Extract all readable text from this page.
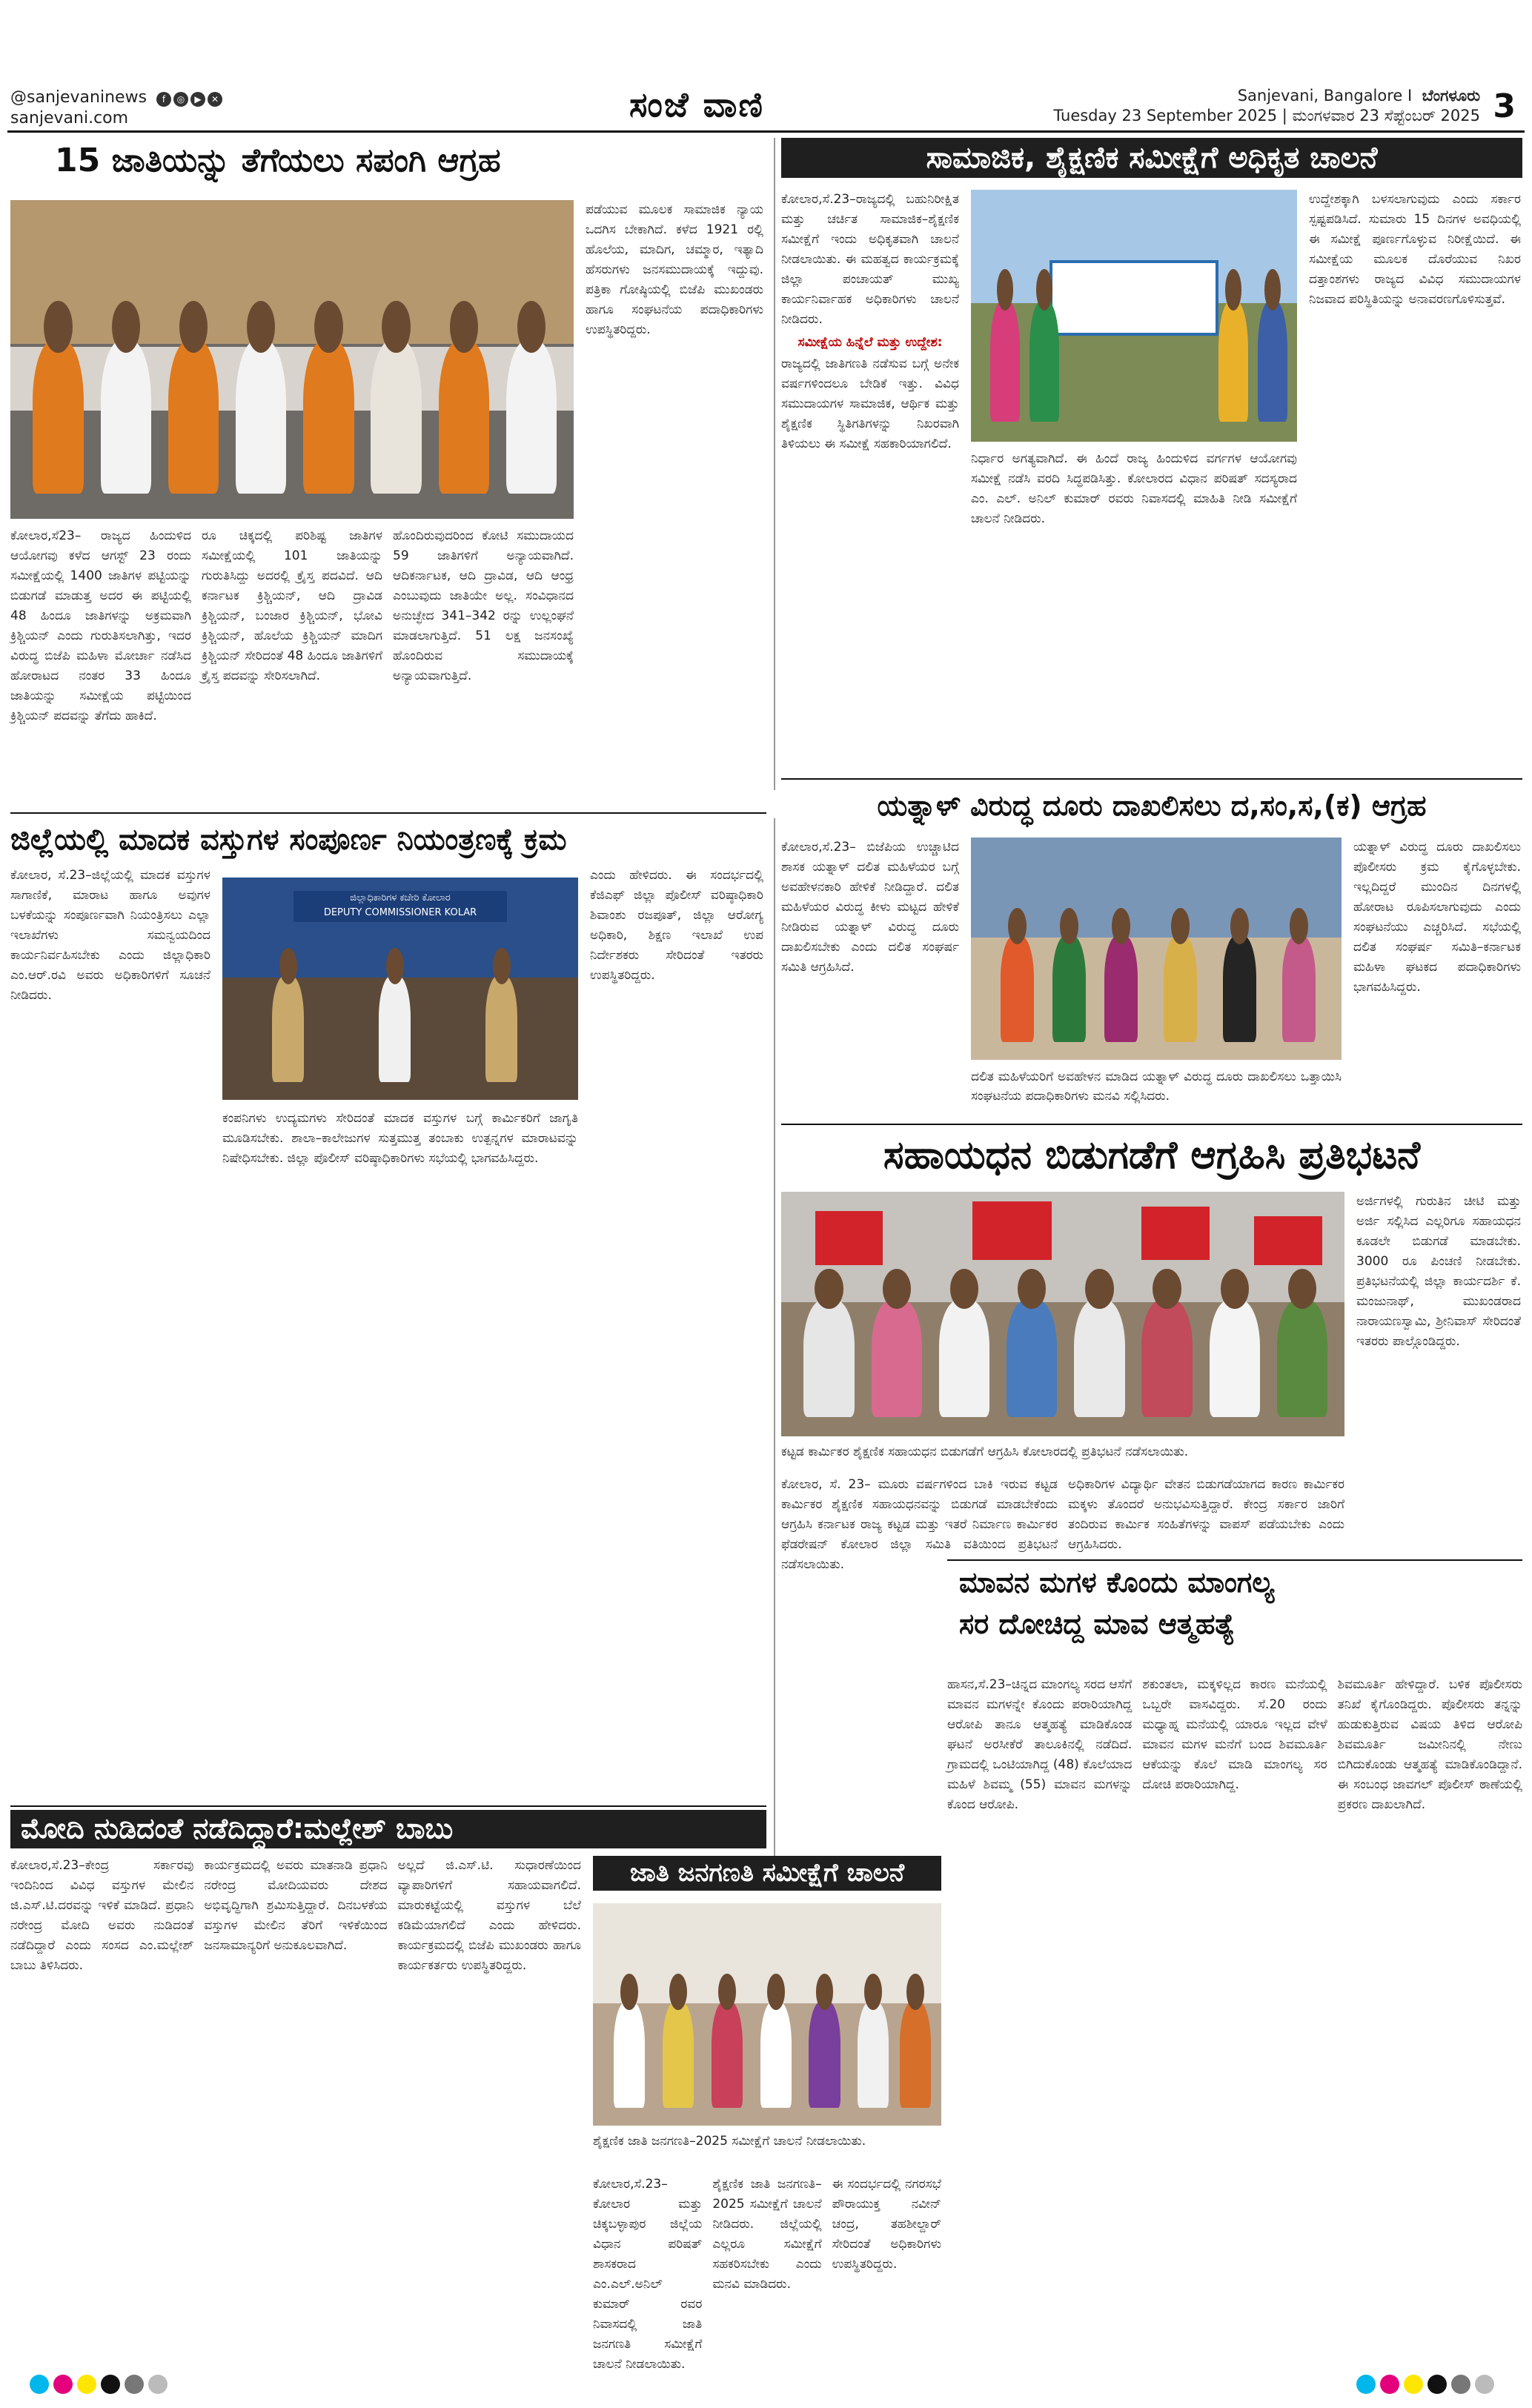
@sanjevaninews f ◎ ▶ ✕
sanjevani.com	ಸಂಜೆ ವಾಣಿ	Sanjevani, Bangalore I ಬೆಂಗಳೂರು
Tuesday 23 September 2025 | ಮಂಗಳವಾರ 23 ಸೆಪ್ಟೆಂಬರ್ 2025 3
15 ಜಾತಿಯನ್ನು ತೆಗೆಯಲು ಸಪಂಗಿ ಆಗ್ರಹ
ಕೋಲಾರ,ಸೆ23– ರಾಜ್ಯದ ಹಿಂದುಳಿದ ಆಯೋಗವು ಕಳೆದ ಆಗಸ್ಟ್ 23 ರಂದು ಸಮೀಕ್ಷೆಯಲ್ಲಿ 1400 ಜಾತಿಗಳ ಪಟ್ಟಿಯನ್ನು ಬಿಡುಗಡೆ ಮಾಡುತ್ತ ಅದರ ಈ ಪಟ್ಟಿಯಲ್ಲಿ 48 ಹಿಂದೂ ಜಾತಿಗಳನ್ನು ಅಕ್ರಮವಾಗಿ ಕ್ರಿಶ್ಚಿಯನ್ ಎಂದು ಗುರುತಿಸಲಾಗಿತ್ತು, ಇದರ ವಿರುದ್ಧ ಬಿಜೆಪಿ ಮಹಿಳಾ ಮೋರ್ಚಾ ನಡೆಸಿದ ಹೋರಾಟದ ನಂತರ 33 ಹಿಂದೂ ಜಾತಿಯನ್ನು ಸಮೀಕ್ಷೆಯ ಪಟ್ಟಿಯಿಂದ ಕ್ರಿಶ್ಚಿಯನ್ ಪದವನ್ನು ತೆಗೆದು ಹಾಕಿದೆ.
ರೂ ಚಿಕ್ಕದಲ್ಲಿ ಪರಿಶಿಷ್ಟ ಜಾತಿಗಳ ಸಮೀಕ್ಷೆಯಲ್ಲಿ 101 ಜಾತಿಯನ್ನು ಗುರುತಿಸಿದ್ದು ಅದರಲ್ಲಿ ಕ್ರೈಸ್ತ ಪದವಿದೆ. ಆದಿ ಕರ್ನಾಟಕ ಕ್ರಿಶ್ಚಿಯನ್, ಆದಿ ದ್ರಾವಿಡ ಕ್ರಿಶ್ಚಿಯನ್, ಬಂಜಾರ ಕ್ರಿಶ್ಚಿಯನ್, ಭೋವಿ ಕ್ರಿಶ್ಚಿಯನ್, ಹೊಲೆಯ ಕ್ರಿಶ್ಚಿಯನ್ ಮಾದಿಗ ಕ್ರಿಶ್ಚಿಯನ್ ಸೇರಿದಂತೆ 48 ಹಿಂದೂ ಜಾತಿಗಳಿಗೆ ಕ್ರೈಸ್ತ ಪದವನ್ನು ಸೇರಿಸಲಾಗಿದೆ.
ಹೊಂದಿರುವುದರಿಂದ ಕೋಟಿ ಸಮುದಾಯದ 59 ಜಾತಿಗಳಿಗೆ ಅನ್ಯಾಯವಾಗಿದೆ. ಆದಿಕರ್ನಾಟಕ, ಆದಿ ದ್ರಾವಿಡ, ಆದಿ ಆಂಧ್ರ ಎಂಬುವುದು ಜಾತಿಯೇ ಅಲ್ಲ. ಸಂವಿಧಾನದ ಅನುಚ್ಛೇದ 341–342 ರನ್ನು ಉಲ್ಲಂಘನೆ ಮಾಡಲಾಗುತ್ತಿದೆ. 51 ಲಕ್ಷ ಜನಸಂಖ್ಯೆ ಹೊಂದಿರುವ ಸಮುದಾಯಕ್ಕೆ ಅನ್ಯಾಯವಾಗುತ್ತಿದೆ.
ಪಡೆಯುವ ಮೂಲಕ ಸಾಮಾಜಿಕ ನ್ಯಾಯ ಒದಗಿಸ ಬೇಕಾಗಿದೆ. ಕಳೆದ 1921 ರಲ್ಲಿ ಹೊಲೆಯ, ಮಾದಿಗ, ಚಮ್ಮಾರ, ಇತ್ಯಾದಿ ಹೆಸರುಗಳು ಜನಸಮುದಾಯಕ್ಕೆ ಇದ್ದುವು. ಪತ್ರಿಕಾ ಗೋಷ್ಠಿಯಲ್ಲಿ ಬಿಜೆಪಿ ಮುಖಂಡರು ಹಾಗೂ ಸಂಘಟನೆಯ ಪದಾಧಿಕಾರಿಗಳು ಉಪಸ್ಥಿತರಿದ್ದರು.
ಸಾಮಾಜಿಕ, ಶೈಕ್ಷಣಿಕ ಸಮೀಕ್ಷೆಗೆ ಅಧಿಕೃತ ಚಾಲನೆ

ಕೋಲಾರ,ಸೆ.23–ರಾಜ್ಯದಲ್ಲಿ ಬಹುನಿರೀಕ್ಷಿತ ಮತ್ತು ಚರ್ಚಿತ ಸಾಮಾಜಿಕ–ಶೈಕ್ಷಣಿಕ ಸಮೀಕ್ಷೆಗೆ ಇಂದು ಅಧಿಕೃತವಾಗಿ ಚಾಲನೆ ನೀಡಲಾಯಿತು. ಈ ಮಹತ್ವದ ಕಾರ್ಯಕ್ರಮಕ್ಕೆ ಜಿಲ್ಲಾ ಪಂಚಾಯತ್ ಮುಖ್ಯ ಕಾರ್ಯನಿರ್ವಾಹಕ ಅಧಿಕಾರಿಗಳು ಚಾಲನೆ ನೀಡಿದರು.

ಸಮೀಕ್ಷೆಯ ಹಿನ್ನೆಲೆ ಮತ್ತು ಉದ್ದೇಶ:

ರಾಜ್ಯದಲ್ಲಿ ಜಾತಿಗಣತಿ ನಡೆಸುವ ಬಗ್ಗೆ ಅನೇಕ ವರ್ಷಗಳಿಂದಲೂ ಬೇಡಿಕೆ ಇತ್ತು. ವಿವಿಧ ಸಮುದಾಯಗಳ ಸಾಮಾಜಿಕ, ಆರ್ಥಿಕ ಮತ್ತು ಶೈಕ್ಷಣಿಕ ಸ್ಥಿತಿಗತಿಗಳನ್ನು ನಿಖರವಾಗಿ ತಿಳಿಯಲು ಈ ಸಮೀಕ್ಷೆ ಸಹಕಾರಿಯಾಗಲಿದೆ.

ನಿರ್ಧಾರ ಅಗತ್ಯವಾಗಿದೆ. ಈ ಹಿಂದೆ ರಾಜ್ಯ ಹಿಂದುಳಿದ ವರ್ಗಗಳ ಆಯೋಗವು ಸಮೀಕ್ಷೆ ನಡೆಸಿ ವರದಿ ಸಿದ್ಧಪಡಿಸಿತ್ತು. ಕೋಲಾರದ ವಿಧಾನ ಪರಿಷತ್ ಸದಸ್ಯರಾದ ಎಂ. ಎಲ್. ಅನಿಲ್ ಕುಮಾರ್ ರವರು ನಿವಾಸದಲ್ಲಿ ಮಾಹಿತಿ ನೀಡಿ ಸಮೀಕ್ಷೆಗೆ ಚಾಲನೆ ನೀಡಿದರು.
ಉದ್ದೇಶಕ್ಕಾಗಿ ಬಳಸಲಾಗುವುದು ಎಂದು ಸರ್ಕಾರ ಸ್ಪಷ್ಟಪಡಿಸಿದೆ. ಸುಮಾರು 15 ದಿನಗಳ ಅವಧಿಯಲ್ಲಿ ಈ ಸಮೀಕ್ಷೆ ಪೂರ್ಣಗೊಳ್ಳುವ ನಿರೀಕ್ಷೆಯಿದೆ. ಈ ಸಮೀಕ್ಷೆಯ ಮೂಲಕ ದೊರೆಯುವ ನಿಖರ ದತ್ತಾಂಶಗಳು ರಾಜ್ಯದ ವಿವಿಧ ಸಮುದಾಯಗಳ ನಿಜವಾದ ಪರಿಸ್ಥಿತಿಯನ್ನು ಅನಾವರಣಗೊಳಿಸುತ್ತವೆ.
ಯತ್ನಾಳ್ ವಿರುದ್ಧ ದೂರು ದಾಖಲಿಸಲು ದ,ಸಂ,ಸ,(ಕ) ಆಗ್ರಹ
ಕೋಲಾರ,ಸೆ.23– ಬಿಜೆಪಿಯ ಉಚ್ಚಾಟಿದ ಶಾಸಕ ಯತ್ನಾಳ್ ದಲಿತ ಮಹಿಳೆಯರ ಬಗ್ಗೆ ಅವಹೇಳನಕಾರಿ ಹೇಳಿಕೆ ನೀಡಿದ್ದಾರೆ. ದಲಿತ ಮಹಿಳೆಯರ ವಿರುದ್ಧ ಕೀಳು ಮಟ್ಟದ ಹೇಳಿಕೆ ನೀಡಿರುವ ಯತ್ನಾಳ್ ವಿರುದ್ಧ ದೂರು ದಾಖಲಿಸಬೇಕು ಎಂದು ದಲಿತ ಸಂಘರ್ಷ ಸಮಿತಿ ಆಗ್ರಹಿಸಿದೆ.
ದಲಿತ ಮಹಿಳೆಯರಿಗೆ ಅವಹೇಳನ ಮಾಡಿದ ಯತ್ನಾಳ್ ವಿರುದ್ಧ ದೂರು ದಾಖಲಿಸಲು ಒತ್ತಾಯಿಸಿ ಸಂಘಟನೆಯ ಪದಾಧಿಕಾರಿಗಳು ಮನವಿ ಸಲ್ಲಿಸಿದರು.
ಯತ್ನಾಳ್ ವಿರುದ್ಧ ದೂರು ದಾಖಲಿಸಲು ಪೊಲೀಸರು ಕ್ರಮ ಕೈಗೊಳ್ಳಬೇಕು. ಇಲ್ಲದಿದ್ದರೆ ಮುಂದಿನ ದಿನಗಳಲ್ಲಿ ಹೋರಾಟ ರೂಪಿಸಲಾಗುವುದು ಎಂದು ಸಂಘಟನೆಯು ಎಚ್ಚರಿಸಿದೆ. ಸಭೆಯಲ್ಲಿ ದಲಿತ ಸಂಘರ್ಷ ಸಮಿತಿ–ಕರ್ನಾಟಕ ಮಹಿಳಾ ಘಟಕದ ಪದಾಧಿಕಾರಿಗಳು ಭಾಗವಹಿಸಿದ್ದರು.
ಜಿಲ್ಲೆಯಲ್ಲಿ ಮಾದಕ ವಸ್ತುಗಳ ಸಂಪೂರ್ಣ ನಿಯಂತ್ರಣಕ್ಕೆ ಕ್ರಮ
ಕೋಲಾರ, ಸೆ.23–ಜಿಲ್ಲೆಯಲ್ಲಿ ಮಾದಕ ವಸ್ತುಗಳ ಸಾಗಾಣಿಕೆ, ಮಾರಾಟ ಹಾಗೂ ಅವುಗಳ ಬಳಕೆಯನ್ನು ಸಂಪೂರ್ಣವಾಗಿ ನಿಯಂತ್ರಿಸಲು ಎಲ್ಲಾ ಇಲಾಖೆಗಳು ಸಮನ್ವಯದಿಂದ ಕಾರ್ಯನಿರ್ವಹಿಸಬೇಕು ಎಂದು ಜಿಲ್ಲಾಧಿಕಾರಿ ಎಂ.ಆರ್.ರವಿ ಅವರು ಅಧಿಕಾರಿಗಳಿಗೆ ಸೂಚನೆ ನೀಡಿದರು.
ಜಿಲ್ಲಾಧಿಕಾರಿಗಳ ಕಚೇರಿ ಕೋಲಾರ
DEPUTY COMMISSIONER KOLAR
ಕಂಪನಿಗಳು ಉದ್ಯಮಗಳು ಸೇರಿದಂತೆ ಮಾದಕ ವಸ್ತುಗಳ ಬಗ್ಗೆ ಕಾರ್ಮಿಕರಿಗೆ ಜಾಗೃತಿ ಮೂಡಿಸಬೇಕು. ಶಾಲಾ–ಕಾಲೇಜುಗಳ ಸುತ್ತಮುತ್ತ ತಂಬಾಕು ಉತ್ಪನ್ನಗಳ ಮಾರಾಟವನ್ನು ನಿಷೇಧಿಸಬೇಕು. ಜಿಲ್ಲಾ ಪೊಲೀಸ್ ವರಿಷ್ಠಾಧಿಕಾರಿಗಳು ಸಭೆಯಲ್ಲಿ ಭಾಗವಹಿಸಿದ್ದರು.
ಎಂದು ಹೇಳಿದರು. ಈ ಸಂದರ್ಭದಲ್ಲಿ ಕೆಜಿಎಫ್ ಜಿಲ್ಲಾ ಪೊಲೀಸ್ ವರಿಷ್ಠಾಧಿಕಾರಿ ಶಿವಾಂಶು ರಜಪೂತ್, ಜಿಲ್ಲಾ ಆರೋಗ್ಯ ಅಧಿಕಾರಿ, ಶಿಕ್ಷಣ ಇಲಾಖೆ ಉಪ ನಿರ್ದೇಶಕರು ಸೇರಿದಂತೆ ಇತರರು ಉಪಸ್ಥಿತರಿದ್ದರು.
ಸಹಾಯಧನ ಬಿಡುಗಡೆಗೆ ಆಗ್ರಹಿಸಿ ಪ್ರತಿಭಟನೆ
ಕಟ್ಟಡ ಕಾರ್ಮಿಕರ ಶೈಕ್ಷಣಿಕ ಸಹಾಯಧನ ಬಿಡುಗಡೆಗೆ ಆಗ್ರಹಿಸಿ ಕೋಲಾರದಲ್ಲಿ ಪ್ರತಿಭಟನೆ ನಡೆಸಲಾಯಿತು.
ಅರ್ಜಿಗಳಲ್ಲಿ ಗುರುತಿನ ಚೀಟಿ ಮತ್ತು ಅರ್ಜಿ ಸಲ್ಲಿಸಿದ ಎಲ್ಲರಿಗೂ ಸಹಾಯಧನ ಕೂಡಲೇ ಬಿಡುಗಡೆ ಮಾಡಬೇಕು. 3000 ರೂ ಪಿಂಚಣಿ ನೀಡಬೇಕು. ಪ್ರತಿಭಟನೆಯಲ್ಲಿ ಜಿಲ್ಲಾ ಕಾರ್ಯದರ್ಶಿ ಕೆ. ಮಂಜುನಾಥ್, ಮುಖಂಡರಾದ ನಾರಾಯಣಸ್ವಾಮಿ, ಶ್ರೀನಿವಾಸ್ ಸೇರಿದಂತೆ ಇತರರು ಪಾಲ್ಗೊಂಡಿದ್ದರು.
ಕೋಲಾರ, ಸೆ. 23– ಮೂರು ವರ್ಷಗಳಿಂದ ಬಾಕಿ ಇರುವ ಕಟ್ಟಡ ಕಾರ್ಮಿಕರ ಶೈಕ್ಷಣಿಕ ಸಹಾಯಧನವನ್ನು ಬಿಡುಗಡೆ ಮಾಡಬೇಕೆಂದು ಆಗ್ರಹಿಸಿ ಕರ್ನಾಟಕ ರಾಜ್ಯ ಕಟ್ಟಡ ಮತ್ತು ಇತರೆ ನಿರ್ಮಾಣ ಕಾರ್ಮಿಕರ ಫೆಡರೇಷನ್ ಕೋಲಾರ ಜಿಲ್ಲಾ ಸಮಿತಿ ವತಿಯಿಂದ ಪ್ರತಿಭಟನೆ ನಡೆಸಲಾಯಿತು.
ಅಧಿಕಾರಿಗಳ ವಿದ್ಯಾರ್ಥಿ ವೇತನ ಬಿಡುಗಡೆಯಾಗದ ಕಾರಣ ಕಾರ್ಮಿಕರ ಮಕ್ಕಳು ತೊಂದರೆ ಅನುಭವಿಸುತ್ತಿದ್ದಾರೆ. ಕೇಂದ್ರ ಸರ್ಕಾರ ಜಾರಿಗೆ ತಂದಿರುವ ಕಾರ್ಮಿಕ ಸಂಹಿತೆಗಳನ್ನು ವಾಪಸ್ ಪಡೆಯಬೇಕು ಎಂದು ಆಗ್ರಹಿಸಿದರು.
ಮಾವನ ಮಗಳ ಕೊಂದು ಮಾಂಗಲ್ಯ
ಸರ ದೋಚಿದ್ದ ಮಾವ ಆತ್ಮಹತ್ಯೆ
ಹಾಸನ,ಸೆ.23–ಚಿನ್ನದ ಮಾಂಗಲ್ಯ ಸರದ ಆಸೆಗೆ ಮಾವನ ಮಗಳನ್ನೇ ಕೊಂದು ಪರಾರಿಯಾಗಿದ್ದ ಆರೋಪಿ ತಾನೂ ಆತ್ಮಹತ್ಯೆ ಮಾಡಿಕೊಂಡ ಘಟನೆ ಅರಸೀಕೆರೆ ತಾಲೂಕಿನಲ್ಲಿ ನಡೆದಿದೆ. ಗ್ರಾಮದಲ್ಲಿ ಒಂಟಿಯಾಗಿದ್ದ (48) ಕೊಲೆಯಾದ ಮಹಿಳೆ ಶಿವಮ್ಮ (55) ಮಾವನ ಮಗಳನ್ನು ಕೊಂದ ಆರೋಪಿ.
ಶಕುಂತಲಾ, ಮಕ್ಕಳಿಲ್ಲದ ಕಾರಣ ಮನೆಯಲ್ಲಿ ಒಬ್ಬರೇ ವಾಸವಿದ್ದರು. ಸೆ.20 ರಂದು ಮಧ್ಯಾಹ್ನ ಮನೆಯಲ್ಲಿ ಯಾರೂ ಇಲ್ಲದ ವೇಳೆ ಮಾವನ ಮಗಳ ಮನೆಗೆ ಬಂದ ಶಿವಮೂರ್ತಿ ಆಕೆಯನ್ನು ಕೊಲೆ ಮಾಡಿ ಮಾಂಗಲ್ಯ ಸರ ದೋಚಿ ಪರಾರಿಯಾಗಿದ್ದ.
ಶಿವಮೂರ್ತಿ ಹೇಳಿದ್ದಾರೆ. ಬಳಿಕ ಪೊಲೀಸರು ತನಿಖೆ ಕೈಗೊಂಡಿದ್ದರು. ಪೊಲೀಸರು ತನ್ನನ್ನು ಹುಡುಕುತ್ತಿರುವ ವಿಷಯ ತಿಳಿದ ಆರೋಪಿ ಶಿವಮೂರ್ತಿ ಜಮೀನಿನಲ್ಲಿ ನೇಣು ಬಿಗಿದುಕೊಂಡು ಆತ್ಮಹತ್ಯೆ ಮಾಡಿಕೊಂಡಿದ್ದಾನೆ. ಈ ಸಂಬಂಧ ಜಾವಗಲ್ ಪೊಲೀಸ್ ಠಾಣೆಯಲ್ಲಿ ಪ್ರಕರಣ ದಾಖಲಾಗಿದೆ.
ಮೋದಿ ನುಡಿದಂತೆ ನಡೆದಿದ್ದಾರೆ:ಮಲ್ಲೇಶ್ ಬಾಬು
ಕೋಲಾರ,ಸೆ.23–ಕೇಂದ್ರ ಸರ್ಕಾರವು ಇಂದಿನಿಂದ ವಿವಿಧ ವಸ್ತುಗಳ ಮೇಲಿನ ಜಿ.ಎಸ್.ಟಿ.ದರವನ್ನು ಇಳಿಕೆ ಮಾಡಿದೆ. ಪ್ರಧಾನಿ ನರೇಂದ್ರ ಮೋದಿ ಅವರು ನುಡಿದಂತೆ ನಡೆದಿದ್ದಾರೆ ಎಂದು ಸಂಸದ ಎಂ.ಮಲ್ಲೇಶ್ ಬಾಬು ತಿಳಿಸಿದರು.
ಕಾರ್ಯಕ್ರಮದಲ್ಲಿ ಅವರು ಮಾತನಾಡಿ ಪ್ರಧಾನಿ ನರೇಂದ್ರ ಮೋದಿಯವರು ದೇಶದ ಅಭಿವೃದ್ಧಿಗಾಗಿ ಶ್ರಮಿಸುತ್ತಿದ್ದಾರೆ. ದಿನಬಳಕೆಯ ವಸ್ತುಗಳ ಮೇಲಿನ ತೆರಿಗೆ ಇಳಿಕೆಯಿಂದ ಜನಸಾಮಾನ್ಯರಿಗೆ ಅನುಕೂಲವಾಗಿದೆ.
ಅಲ್ಲದೆ ಜಿ.ಎಸ್.ಟಿ. ಸುಧಾರಣೆಯಿಂದ ವ್ಯಾಪಾರಿಗಳಿಗೆ ಸಹಾಯವಾಗಲಿದೆ. ಮಾರುಕಟ್ಟೆಯಲ್ಲಿ ವಸ್ತುಗಳ ಬೆಲೆ ಕಡಿಮೆಯಾಗಲಿದೆ ಎಂದು ಹೇಳಿದರು. ಕಾರ್ಯಕ್ರಮದಲ್ಲಿ ಬಿಜೆಪಿ ಮುಖಂಡರು ಹಾಗೂ ಕಾರ್ಯಕರ್ತರು ಉಪಸ್ಥಿತರಿದ್ದರು.
ಜಾತಿ ಜನಗಣತಿ ಸಮೀಕ್ಷೆಗೆ ಚಾಲನೆ
ಶೈಕ್ಷಣಿಕ ಜಾತಿ ಜನಗಣತಿ–2025 ಸಮೀಕ್ಷೆಗೆ ಚಾಲನೆ ನೀಡಲಾಯಿತು.
ಕೋಲಾರ,ಸೆ.23– ಕೋಲಾರ ಮತ್ತು ಚಿಕ್ಕಬಳ್ಳಾಪುರ ಜಿಲ್ಲೆಯ ವಿಧಾನ ಪರಿಷತ್ ಶಾಸಕರಾದ ಎಂ.ಎಲ್.ಅನಿಲ್ ಕುಮಾರ್ ರವರ ನಿವಾಸದಲ್ಲಿ ಜಾತಿ ಜನಗಣತಿ ಸಮೀಕ್ಷೆಗೆ ಚಾಲನೆ ನೀಡಲಾಯಿತು.
ಶೈಕ್ಷಣಿಕ ಜಾತಿ ಜನಗಣತಿ–2025 ಸಮೀಕ್ಷೆಗೆ ಚಾಲನೆ ನೀಡಿದರು. ಜಿಲ್ಲೆಯಲ್ಲಿ ಎಲ್ಲರೂ ಸಮೀಕ್ಷೆಗೆ ಸಹಕರಿಸಬೇಕು ಎಂದು ಮನವಿ ಮಾಡಿದರು.
ಈ ಸಂದರ್ಭದಲ್ಲಿ ನಗರಸಭೆ ಪೌರಾಯುಕ್ತ ನವೀನ್ ಚಂದ್ರ, ತಹಶೀಲ್ದಾರ್ ಸೇರಿದಂತೆ ಅಧಿಕಾರಿಗಳು ಉಪಸ್ಥಿತರಿದ್ದರು.
